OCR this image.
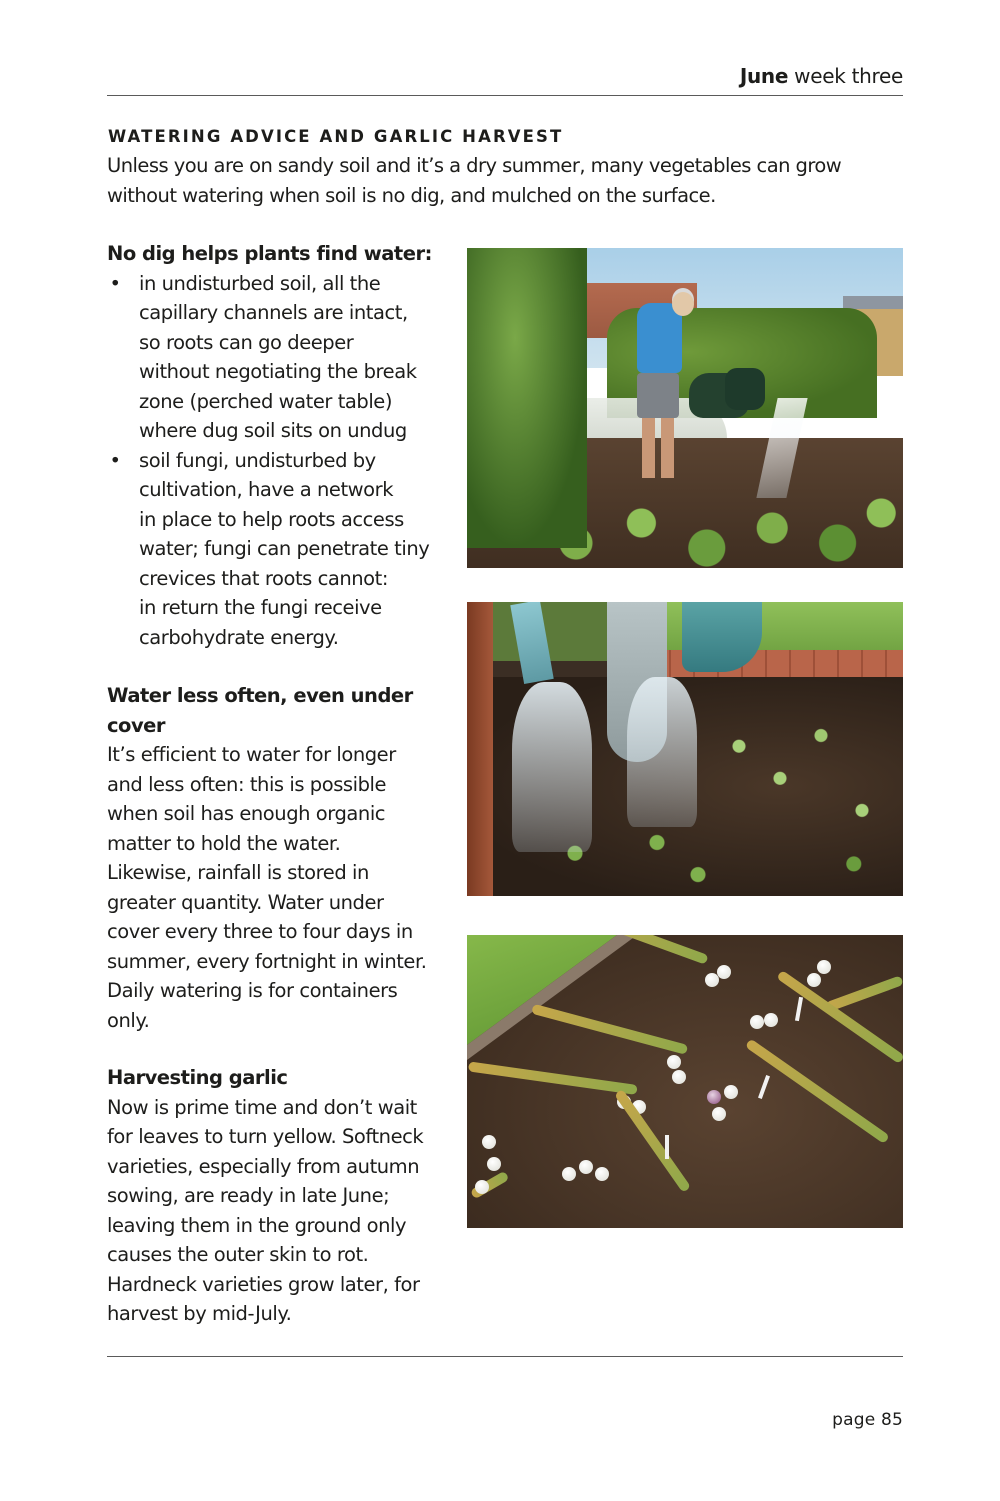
June week three
WATERING ADVICE AND GARLIC HARVEST
Unless you are on sandy soil and it’s a dry summer, many vegetables can grow
without watering when soil is no dig, and mulched on the surface.
No dig helps plants find water:
• in undisturbed soil, all the
capillary channels are intact,
so roots can go deeper
without negotiating the break
zone (perched water table)
where dug soil sits on undug
• soil fungi, undisturbed by
cultivation, have a network
in place to help roots access
water; fungi can penetrate tiny
crevices that roots cannot:
in return the fungi receive
carbohydrate energy.
Water less often, even under
cover
It’s efficient to water for longer
and less often: this is possible
when soil has enough organic
matter to hold the water.
Likewise, rainfall is stored in
greater quantity. Water under
cover every three to four days in
summer, every fortnight in winter.
Daily watering is for containers
only.
Harvesting garlic
Now is prime time and don’t wait
for leaves to turn yellow. Softneck
varieties, especially from autumn
sowing, are ready in late June;
leaving them in the ground only
causes the outer skin to rot.
Hardneck varieties grow later, for
harvest by mid-July.
page 85
